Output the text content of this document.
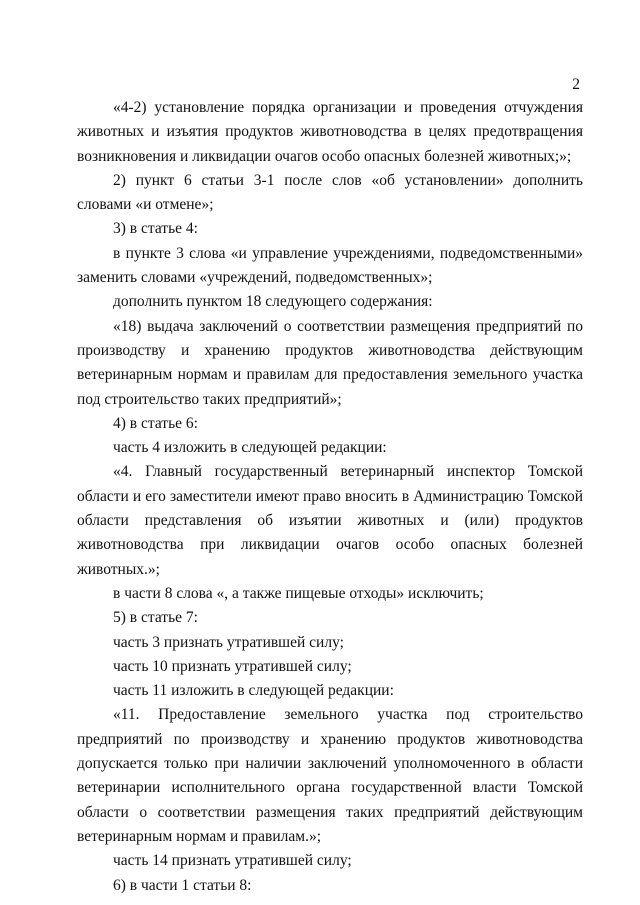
2

«4-2) установление порядка организации и проведения отчуждения животных и изъятия продуктов животноводства в целях предотвращения возникновения и ликвидации очагов особо опасных болезней животных;»;

2) пункт 6 статьи 3-1 после слов «об установлении» дополнить словами «и отмене»;

3) в статье 4:

в пункте 3 слова «и управление учреждениями, подведомственными» заменить словами «учреждений, подведомственных»;

дополнить пунктом 18 следующего содержания:

«18) выдача заключений о соответствии размещения предприятий по производству и хранению продуктов животноводства действующим ветеринарным нормам и правилам для предоставления земельного участка под строительство таких предприятий»;

4) в статье 6:

часть 4 изложить в следующей редакции:

«4. Главный государственный ветеринарный инспектор Томской области и его заместители имеют право вносить в Администрацию Томской области представления об изъятии животных и (или) продуктов животноводства при ликвидации очагов особо опасных болезней животных.»;

в части 8 слова «, а также пищевые отходы» исключить;

5) в статье 7:

часть 3 признать утратившей силу;

часть 10 признать утратившей силу;

часть 11 изложить в следующей редакции:

«11. Предоставление земельного участка под строительство предприятий по производству и хранению продуктов животноводства допускается только при наличии заключений уполномоченного в области ветеринарии исполнительного органа государственной власти Томской области о соответствии размещения таких предприятий действующим ветеринарным нормам и правилам.»;

часть 14 признать утратившей силу;

6) в части 1 статьи 8:
